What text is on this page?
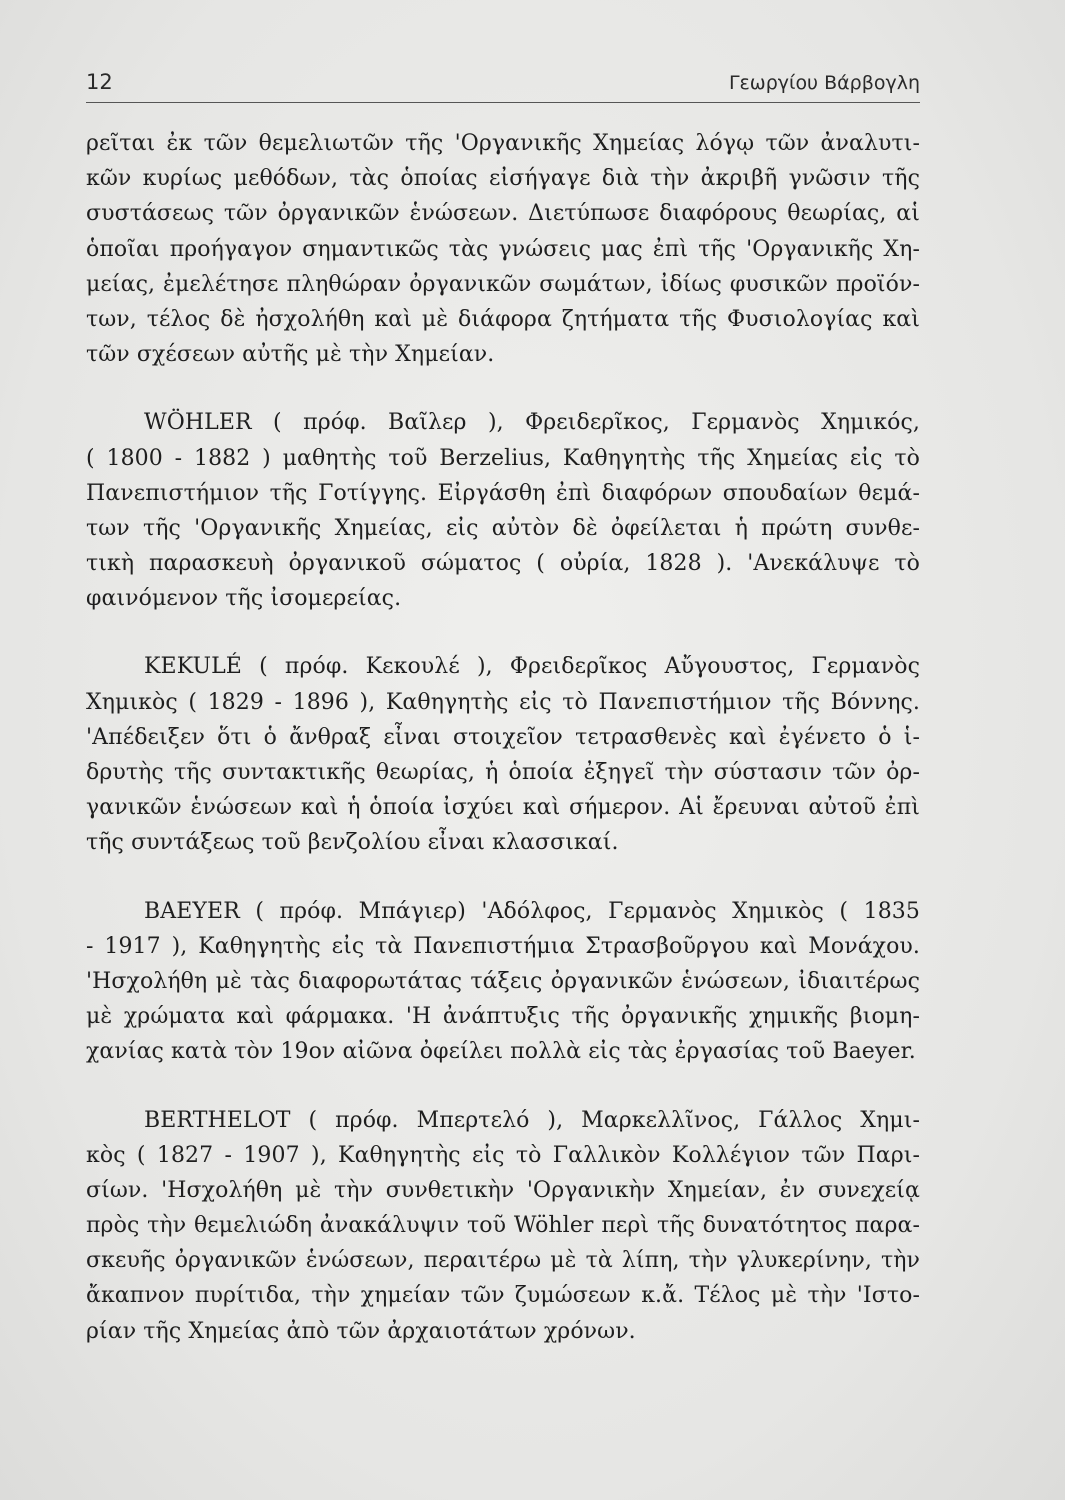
12	Γεωργίου Βάρβογλη
ρεῖται ἐκ τῶν θεμελιωτῶν τῆς 'Οργανικῆς Χημείας λόγῳ τῶν ἀναλυτι-
κῶν κυρίως μεθόδων, τὰς ὁποίας εἰσήγαγε διὰ τὴν ἀκριβῆ γνῶσιν τῆς
συστάσεως τῶν ὀργανικῶν ἑνώσεων. Διετύπωσε διαφόρους θεωρίας, αἱ
ὁποῖαι προήγαγον σημαντικῶς τὰς γνώσεις μας ἐπὶ τῆς 'Οργανικῆς Χη-
μείας, ἐμελέτησε πληθώραν ὀργανικῶν σωμάτων, ἰδίως φυσικῶν προϊόν-
των, τέλος δὲ ἠσχολήθη καὶ μὲ διάφορα ζητήματα τῆς Φυσιολογίας καὶ
τῶν σχέσεων αὐτῆς μὲ τὴν Χημείαν.
WÖHLER ( πρόφ. Βαῖλερ ), Φρειδερῖκος, Γερμανὸς Χημικός,
( 1800 - 1882 ) μαθητὴς τοῦ Berzelius, Καθηγητὴς τῆς Χημείας εἰς τὸ
Πανεπιστήμιον τῆς Γοτίγγης. Εἰργάσθη ἐπὶ διαφόρων σπουδαίων θεμά-
των τῆς 'Οργανικῆς Χημείας, εἰς αὐτὸν δὲ ὀφείλεται ἡ πρώτη συνθε-
τικὴ παρασκευὴ ὀργανικοῦ σώματος ( οὐρία, 1828 ). 'Ανεκάλυψε τὸ
φαινόμενον τῆς ἰσομερείας.
KEKULÉ ( πρόφ. Κεκουλέ ), Φρειδερῖκος Αὔγουστος, Γερμανὸς
Χημικὸς ( 1829 - 1896 ), Καθηγητὴς εἰς τὸ Πανεπιστήμιον τῆς Βόννης.
'Απέδειξεν ὅτι ὁ ἄνθραξ εἶναι στοιχεῖον τετρασθενὲς καὶ ἐγένετο ὁ ἱ-
δρυτὴς τῆς συντακτικῆς θεωρίας, ἡ ὁποία ἐξηγεῖ τὴν σύστασιν τῶν ὀρ-
γανικῶν ἑνώσεων καὶ ἡ ὁποία ἰσχύει καὶ σήμερον. Αἱ ἔρευναι αὐτοῦ ἐπὶ
τῆς συντάξεως τοῦ βενζολίου εἶναι κλασσικαί.
BAEYER ( πρόφ. Μπάγιερ) 'Αδόλφος, Γερμανὸς Χημικὸς ( 1835
- 1917 ), Καθηγητὴς εἰς τὰ Πανεπιστήμια Στρασβοῦργου καὶ Μονάχου.
'Ησχολήθη μὲ τὰς διαφορωτάτας τάξεις ὀργανικῶν ἑνώσεων, ἰδιαιτέρως
μὲ χρώματα καὶ φάρμακα. 'Η ἀνάπτυξις τῆς ὀργανικῆς χημικῆς βιομη-
χανίας κατὰ τὸν 19ον αἰῶνα ὀφείλει πολλὰ εἰς τὰς ἐργασίας τοῦ Baeyer.
BERTHELOT ( πρόφ. Μπερτελό ), Μαρκελλῖνος, Γάλλος Χημι-
κὸς ( 1827 - 1907 ), Καθηγητὴς εἰς τὸ Γαλλικὸν Κολλέγιον τῶν Παρι-
σίων. 'Ησχολήθη μὲ τὴν συνθετικὴν 'Οργανικὴν Χημείαν, ἐν συνεχείᾳ
πρὸς τὴν θεμελιώδη ἀνακάλυψιν τοῦ Wöhler περὶ τῆς δυνατότητος παρα-
σκευῆς ὀργανικῶν ἑνώσεων, περαιτέρω μὲ τὰ λίπη, τὴν γλυκερίνην, τὴν
ἄκαπνον πυρίτιδα, τὴν χημείαν τῶν ζυμώσεων κ.ἄ. Τέλος μὲ τὴν 'Ιστο-
ρίαν τῆς Χημείας ἀπὸ τῶν ἀρχαιοτάτων χρόνων.
